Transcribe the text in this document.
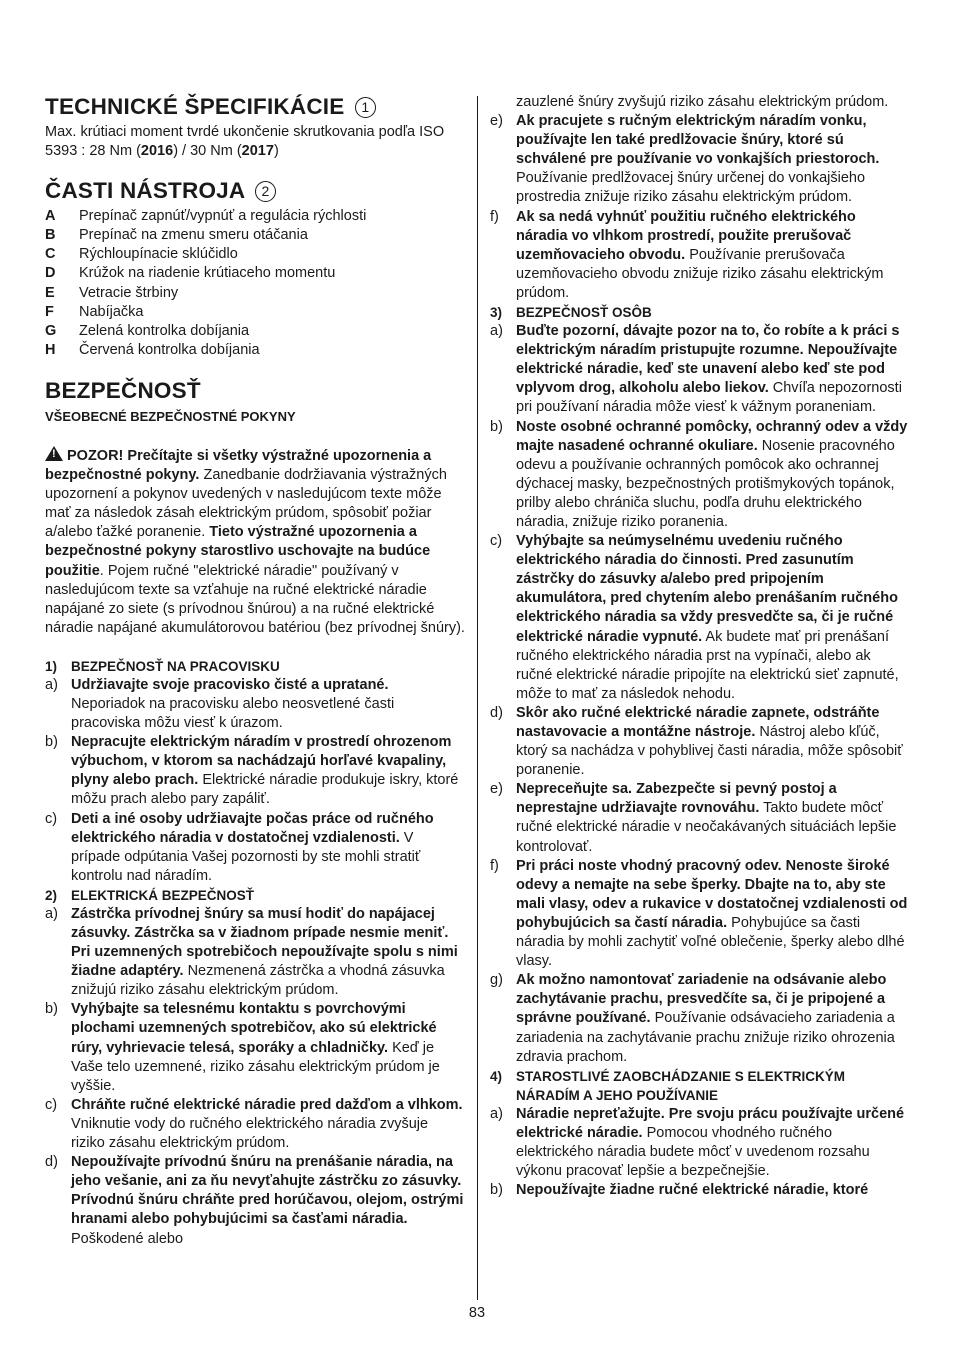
TECHNICKÉ ŠPECIFIKÁCIE 1

Max. krútiaci moment tvrdé ukončenie skrutkovania podľa ISO 5393 : 28 Nm (2016) / 30 Nm (2017)

ČASTI NÁSTROJA 2
A	Prepínač zapnúť/vypnúť a regulácia rýchlosti
B	Prepínač na zmenu smeru otáčania
C	Rýchloupínacie sklúčidlo
D	Krúžok na riadenie krútiaceho momentu
E	Vetracie štrbiny
F	Nabíjačka
G	Zelená kontrolka dobíjania
H	Červená kontrolka dobíjania
BEZPEČNOSŤ

VŠEOBECNÉ BEZPEČNOSTNÉ POKYNY

!POZOR! Prečítajte si všetky výstražné upozornenia a bezpečnostné pokyny. Zanedbanie dodržiavania výstražných upozornení a pokynov uvedených v nasledujúcom texte môže mať za následok zásah elektrickým prúdom, spôsobiť požiar a/alebo ťažké poranenie. Tieto výstražné upozornenia a bezpečnostné pokyny starostlivo uschovajte na budúce použitie. Pojem ručné "elektrické náradie" používaný v nasledujúcom texte sa vzťahuje na ručné elektrické náradie napájané zo siete (s prívodnou šnúrou) a na ručné elektrické náradie napájané akumulátorovou batériou (bez prívodnej šnúry).

1)	BEZPEČNOSŤ NA PRACOVISKU
a) Udržiavajte svoje pracovisko čisté a upratané. Neporiadok na pracovisku alebo neosvetlené časti pracoviska môžu viesť k úrazom.
b) Nepracujte elektrickým náradím v prostredí ohrozenom výbuchom, v ktorom sa nachádzajú horľavé kvapaliny, plyny alebo prach. Elektrické náradie produkuje iskry, ktoré môžu prach alebo pary zapáliť.
c) Deti a iné osoby udržiavajte počas práce od ručného elektrického náradia v dostatočnej vzdialenosti. V prípade odpútania Vašej pozornosti by ste mohli stratiť kontrolu nad náradím.
2)	ELEKTRICKÁ BEZPEČNOSŤ
a) Zástrčka prívodnej šnúry sa musí hodiť do napájacej zásuvky. Zástrčka sa v žiadnom prípade nesmie meniť. Pri uzemnených spotrebičoch nepoužívajte spolu s nimi žiadne adaptéry. Nezmenená zástrčka a vhodná zásuvka znižujú riziko zásahu elektrickým prúdom.
b) Vyhýbajte sa telesnému kontaktu s povrchovými plochami uzemnených spotrebičov, ako sú elektrické rúry, vyhrievacie telesá, sporáky a chladničky. Keď je Vaše telo uzemnené, riziko zásahu elektrickým prúdom je vyššie.
c) Chráňte ručné elektrické náradie pred dažďom a vlhkom. Vniknutie vody do ručného elektrického náradia zvyšuje riziko zásahu elektrickým prúdom.
d) Nepoužívajte prívodnú šnúru na prenášanie náradia, na jeho vešanie, ani za ňu nevyťahujte zástrčku zo zásuvky. Prívodnú šnúru chráňte pred horúčavou, olejom, ostrými hranami alebo pohybujúcimi sa časťami náradia. Poškodené alebo
zauzlené šnúry zvyšujú riziko zásahu elektrickým prúdom.
e) Ak pracujete s ručným elektrickým náradím vonku, používajte len také predlžovacie šnúry, ktoré sú schválené pre používanie vo vonkajších priestoroch. Používanie predlžovacej šnúry určenej do vonkajšieho prostredia znižuje riziko zásahu elektrickým prúdom.
f)	Ak sa nedá vyhnúť použitiu ručného elektrického náradia vo vlhkom prostredí, použite prerušovač uzemňovacieho obvodu. Používanie prerušovača uzemňovacieho obvodu znižuje riziko zásahu elektrickým prúdom.
3)	BEZPEČNOSŤ OSÔB
a) Buďte pozorní, dávajte pozor na to, čo robíte a k práci s elektrickým náradím pristupujte rozumne. Nepoužívajte elektrické náradie, keď ste unavení alebo keď ste pod vplyvom drog, alkoholu alebo liekov. Chvíľa nepozornosti pri používaní náradia môže viesť k vážnym poraneniam.
b) Noste osobné ochranné pomôcky, ochranný odev a vždy majte nasadené ochranné okuliare. Nosenie pracovného odevu a používanie ochranných pomôcok ako ochrannej dýchacej masky, bezpečnostných protišmykových topánok, prilby alebo chrániča sluchu, podľa druhu elektrického náradia, znižuje riziko poranenia.
c) Vyhýbajte sa neúmyselnému uvedeniu ručného elektrického náradia do činnosti. Pred zasunutím zástrčky do zásuvky a/alebo pred pripojením akumulátora, pred chytením alebo prenášaním ručného elektrického náradia sa vždy presvedčte sa, či je ručné elektrické náradie vypnuté. Ak budete mať pri prenášaní ručného elektrického náradia prst na vypínači, alebo ak ručné elektrické náradie pripojíte na elektrickú sieť zapnuté, môže to mať za následok nehodu.
d) Skôr ako ručné elektrické náradie zapnete, odstráňte nastavovacie a montážne nástroje. Nástroj alebo kľúč, ktorý sa nachádza v pohyblivej časti náradia, môže spôsobiť poranenie.
e) Nepreceňujte sa. Zabezpečte si pevný postoj a neprestajne udržiavajte rovnováhu. Takto budete môcť ručné elektrické náradie v neočakávaných situáciách lepšie kontrolovať.
f)	Pri práci noste vhodný pracovný odev. Nenoste široké odevy a nemajte na sebe šperky. Dbajte na to, aby ste mali vlasy, odev a rukavice v dostatočnej vzdialenosti od pohybujúcich sa častí náradia. Pohybujúce sa časti náradia by mohli zachytiť voľné oblečenie, šperky alebo dlhé vlasy.
g) Ak možno namontovať zariadenie na odsávanie alebo zachytávanie prachu, presvedčíte sa, či je pripojené a správne používané. Používanie odsávacieho zariadenia a zariadenia na zachytávanie prachu znižuje riziko ohrozenia zdravia prachom.
4)	STAROSTLIVÉ ZAOBCHÁDZANIE S ELEKTRICKÝM NÁRADÍM A JEHO POUŽÍVANIE
a) Náradie nepreťažujte. Pre svoju prácu používajte určené elektrické náradie. Pomocou vhodného ručného elektrického náradia budete môcť v uvedenom rozsahu výkonu pracovať lepšie a bezpečnejšie.
b) Nepoužívajte žiadne ručné elektrické náradie, ktoré
83
